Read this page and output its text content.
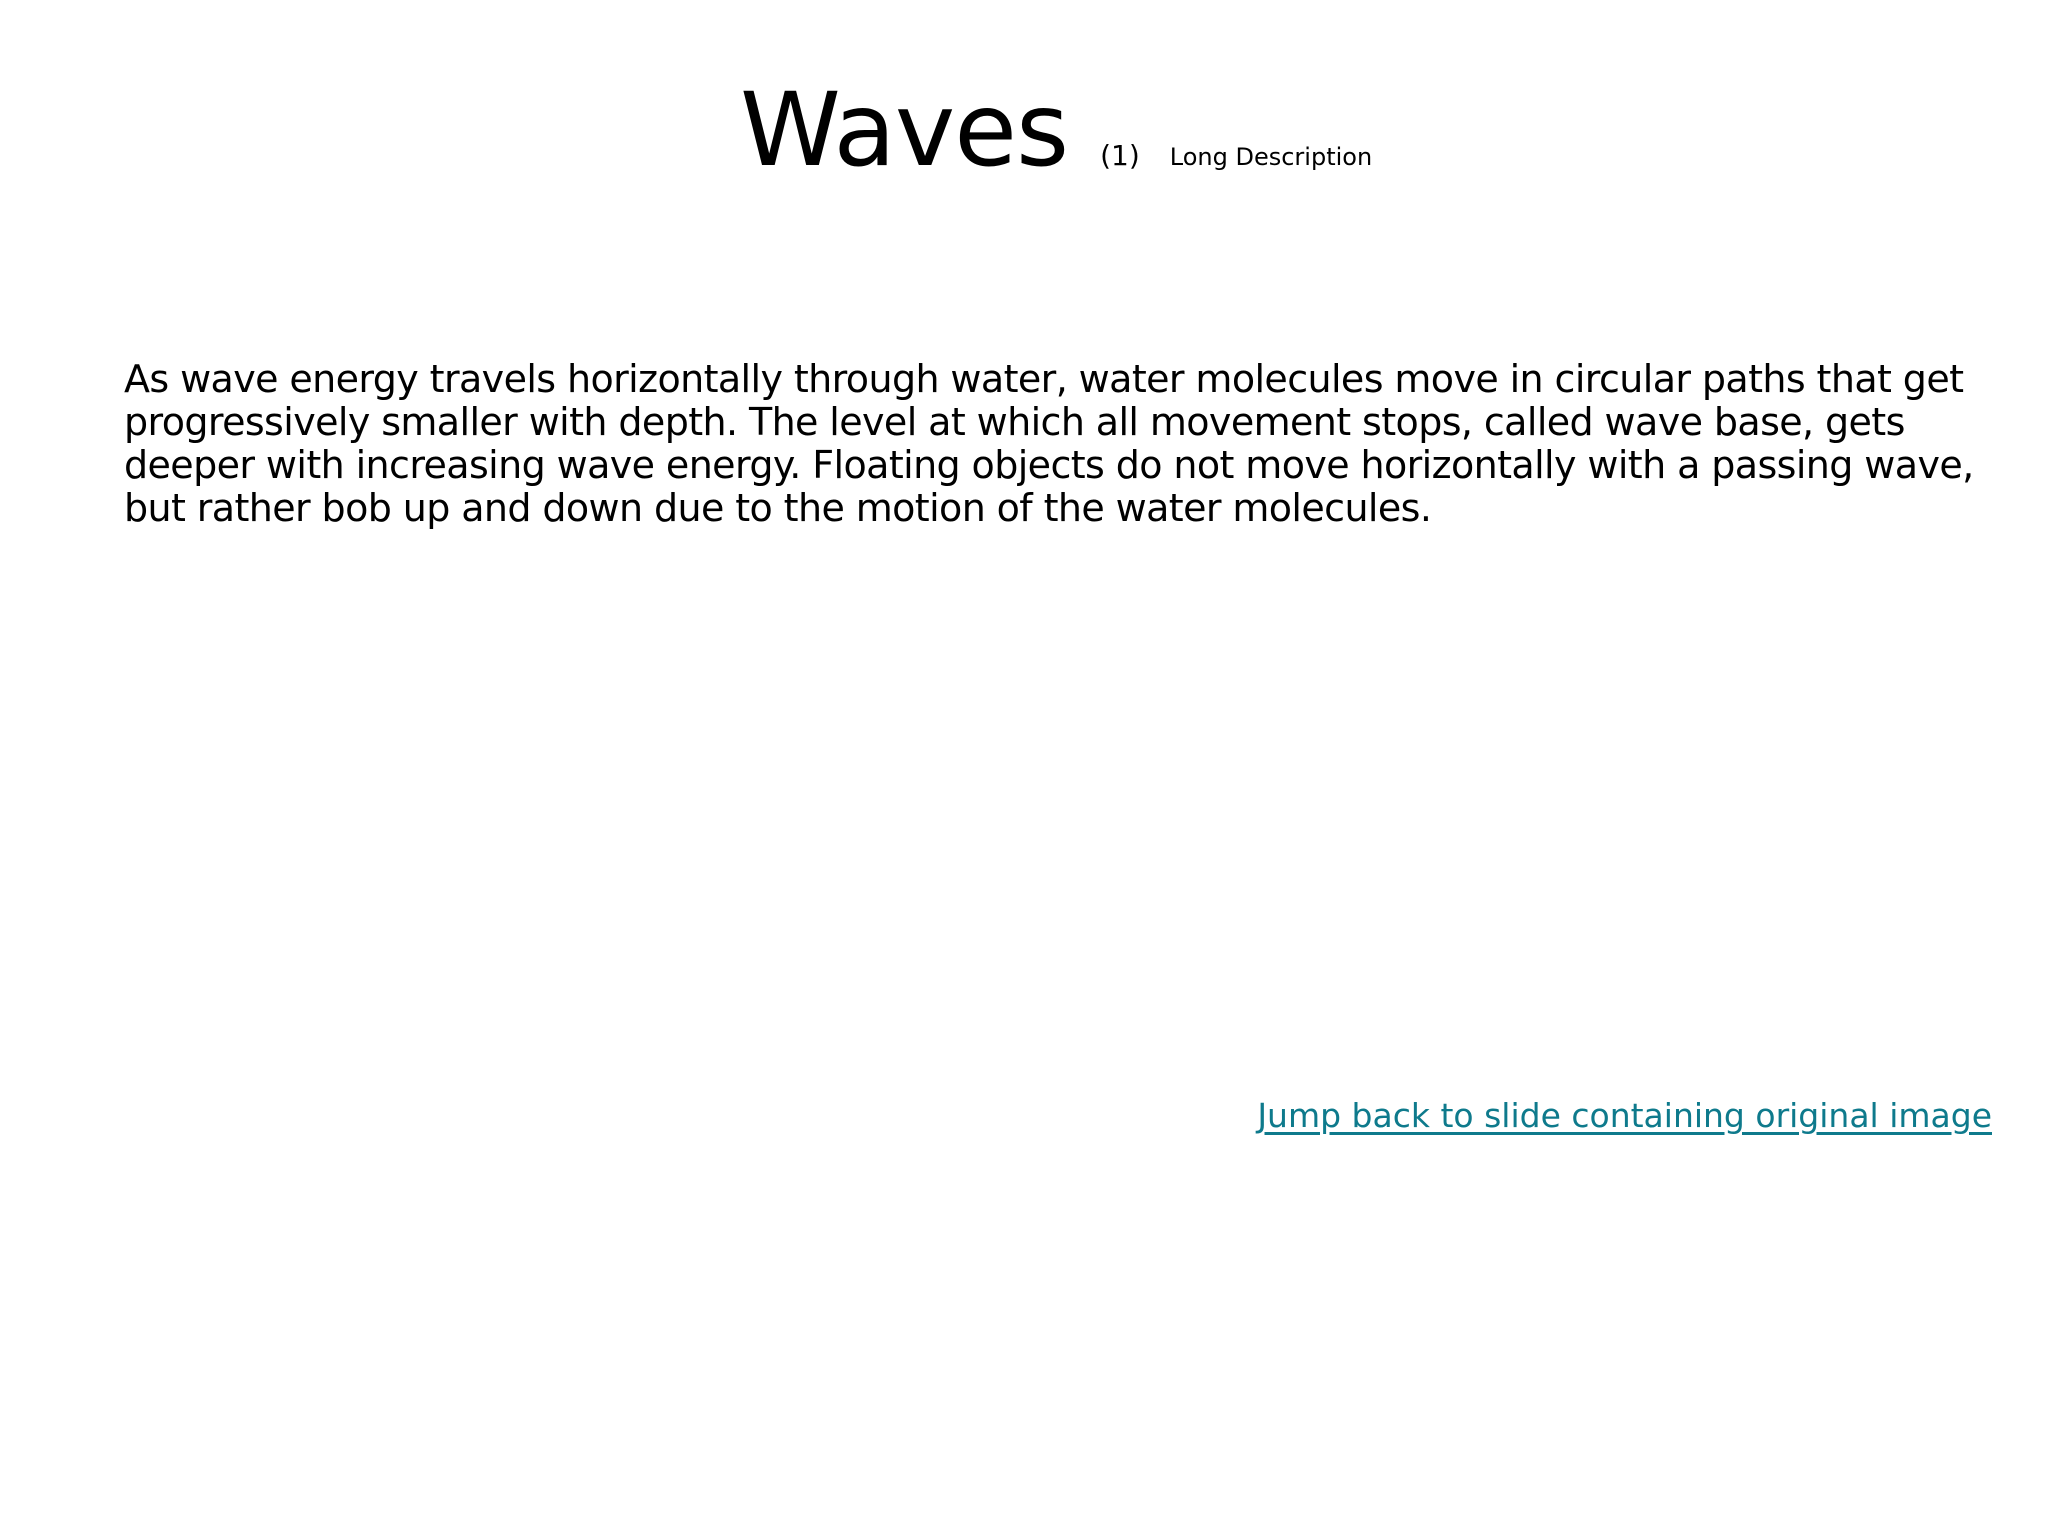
Waves (1) Long Description

As wave energy travels horizontally through water, water molecules move in circular paths that get progressively smaller with depth. The level at which all movement stops, called wave base, gets deeper with increasing wave energy. Floating objects do not move horizontally with a passing wave, but rather bob up and down due to the motion of the water molecules.

Jump back to slide containing original image
